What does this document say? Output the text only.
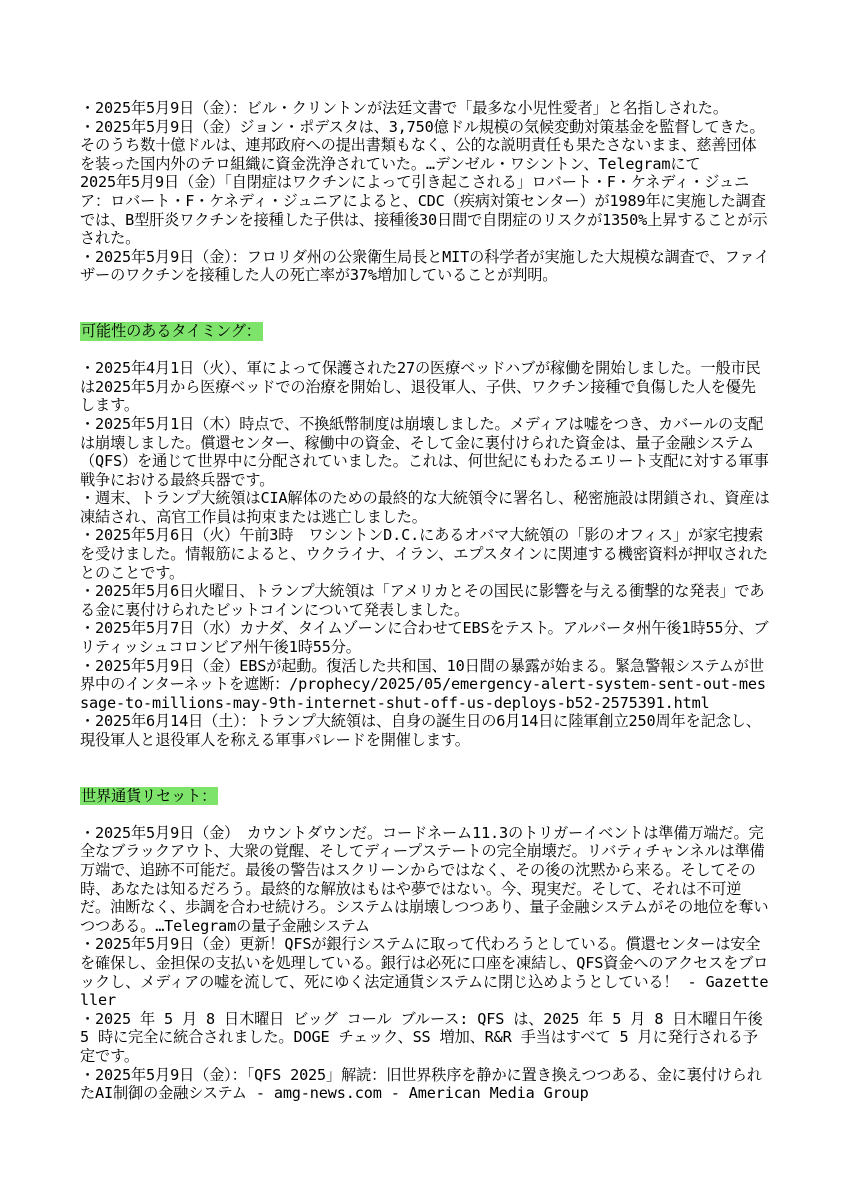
・2025年5月9日（金）：ビル・クリントンが法廷文書で「最多な小児性愛者」と名指しされた。

・2025年5月9日（金）ジョン・ポデスタは、3,750億ドル規模の気候変動対策基金を監督してきた。そのうち数十億ドルは、連邦政府への提出書類もなく、公的な説明責任も果たさないまま、慈善団体を装った国内外のテロ組織に資金洗浄されていた。…デンゼル・ワシントン、Telegramにて

2025年5月9日（金）「自閉症はワクチンによって引き起こされる」ロバート・F・ケネディ・ジュニア：ロバート・F・ケネディ・ジュニアによると、CDC（疾病対策センター）が1989年に実施した調査では、B型肝炎ワクチンを接種した子供は、接種後30日間で自閉症のリスクが1350%上昇することが示された。

・2025年5月9日（金）：フロリダ州の公衆衛生局長とMITの科学者が実施した大規模な調査で、ファイザーのワクチンを接種した人の死亡率が37%増加していることが判明。

可能性のあるタイミング：

・2025年4月1日（火）、軍によって保護された27の医療ベッドハブが稼働を開始しました。一般市民は2025年5月から医療ベッドでの治療を開始し、退役軍人、子供、ワクチン接種で負傷した人を優先します。

・2025年5月1日（木）時点で、不換紙幣制度は崩壊しました。メディアは嘘をつき、カバールの支配は崩壊しました。償還センター、稼働中の資金、そして金に裏付けられた資金は、量子金融システム（QFS）を通じて世界中に分配されていました。これは、何世紀にもわたるエリート支配に対する軍事戦争における最終兵器です。

・週末、トランプ大統領はCIA解体のための最終的な大統領令に署名し、秘密施設は閉鎖され、資産は凍結され、高官工作員は拘束または逃亡しました。

・2025年5月6日（火）午前3時　ワシントンD.C.にあるオバマ大統領の「影のオフィス」が家宅捜索を受けました。情報筋によると、ウクライナ、イラン、エプスタインに関連する機密資料が押収されたとのことです。

・2025年5月6日火曜日、トランプ大統領は「アメリカとその国民に影響を与える衝撃的な発表」である金に裏付けられたビットコインについて発表しました。

・2025年5月7日（水）カナダ、タイムゾーンに合わせてEBSをテスト。アルバータ州午後1時55分、ブリティッシュコロンビア州午後1時55分。

・2025年5月9日（金）EBSが起動。復活した共和国、10日間の暴露が始まる。緊急警報システムが世界中のインターネットを遮断：/prophecy/2025/05/emergency-alert-system-sent-out-message-to-millions-may-9th-internet-shut-off-us-deploys-b52-2575391.html

・2025年6月14日（土）：トランプ大統領は、自身の誕生日の6月14日に陸軍創立250周年を記念し、現役軍人と退役軍人を称える軍事パレードを開催します。

世界通貨リセット：

・2025年5月9日（金）　カウントダウンだ。コードネーム11.3のトリガーイベントは準備万端だ。完全なブラックアウト、大衆の覚醒、そしてディープステートの完全崩壊だ。リバティチャンネルは準備万端で、追跡不可能だ。最後の警告はスクリーンからではなく、その後の沈黙から来る。そしてその時、あなたは知るだろう。最終的な解放はもはや夢ではない。今、現実だ。そして、それは不可逆だ。油断なく、歩調を合わせ続けろ。システムは崩壊しつつあり、量子金融システムがその地位を奪いつつある。…Telegramの量子金融システム

・2025年5月9日（金）更新！QFSが銀行システムに取って代わろうとしている。償還センターは安全を確保し、金担保の支払いを処理している。銀行は必死に口座を凍結し、QFS資金へのアクセスをブロックし、メディアの嘘を流して、死にゆく法定通貨システムに閉じ込めようとしている！ - Gazetteller

・2025 年 5 月 8 日木曜日 ビッグ コール ブルース: QFS は、2025 年 5 月 8 日木曜日午後 5 時に完全に統合されました。DOGE チェック、SS 増加、R&R 手当はすべて 5 月に発行される予定です。

・2025年5月9日（金）：「QFS 2025」解読：旧世界秩序を静かに置き換えつつある、金に裏付けられたAI制御の金融システム - amg-news.com - American Media Group
